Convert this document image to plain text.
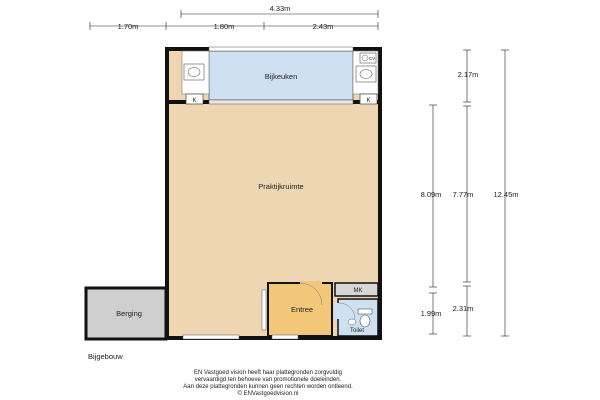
4.33m
1.70m	1.80m	2.43m
2.17m
8.09m 7.77m	12.45m
1.99m
2.31m
Berging
Bijkeuken
K	K
CV
Praktijkruimte
Entree
MK
Toilet
Bijgebouw
EN Vastgoed vision heeft haar plattegronden zorgvuldig
vervaardigd ten behoeve van promotionele doeleinden.
Aan deze plattegronden kunnen geen rechten worden ontleend.
© ENVastgoedvision.nl
